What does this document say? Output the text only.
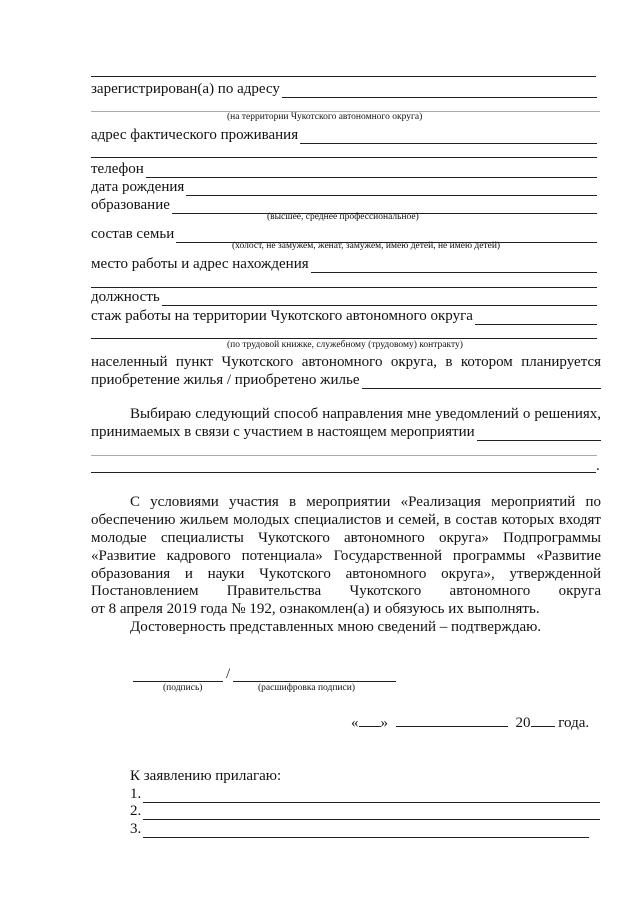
зарегистрирован(а) по адресу
(на территории Чукотского автономного округа)
адрес фактического проживания
телефон
дата рождения
образование
(высшее, среднее профессиональное)
состав семьи
(холост, не замужем, женат, замужем, имею детей, не имею детей)
место работы и адрес нахождения
должность
стаж работы на территории Чукотского автономного округа
(по трудовой книжке, служебному (трудовому) контракту)
населенный пункт Чукотского автономного округа, в котором планируется
приобретение жилья / приобретено жилье
Выбираю следующий способ направления мне уведомлений о решениях,
принимаемых в связи с участием в настоящем мероприятии
.
С условиями участия в мероприятии «Реализация мероприятий по
обеспечению жильем молодых специалистов и семей, в состав которых входят
молодые специалисты Чукотского автономного округа» Подпрограммы
«Развитие кадрового потенциала» Государственной программы «Развитие
образования и науки Чукотского автономного округа», утвержденной
Постановлением Правительства Чукотского автономного округа
от 8 апреля 2019 года № 192, ознакомлен(а) и обязуюсь их выполнять.
Достоверность представленных мною сведений – подтверждаю.
/
(подпись)	(расшифровка подписи)
« »	20 года.
К заявлению прилагаю:
1.
2.
3.
